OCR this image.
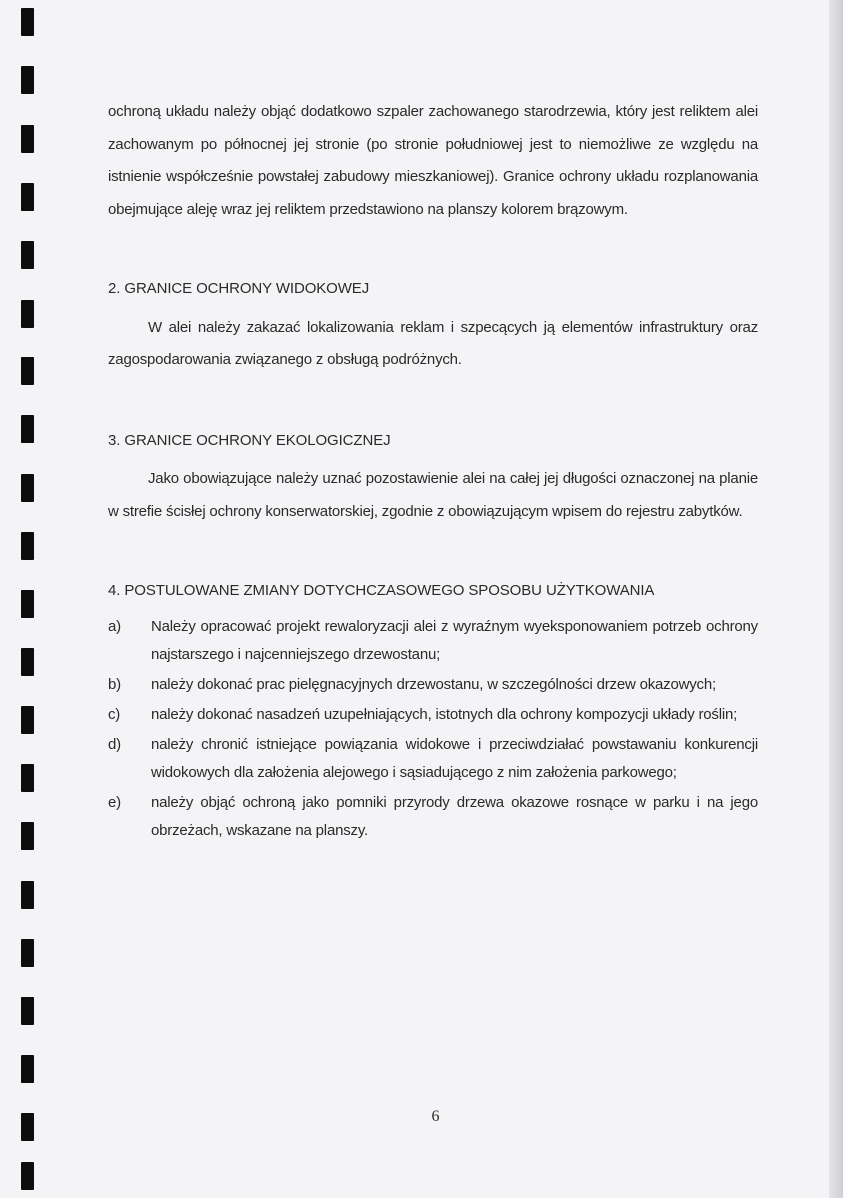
ochroną układu należy objąć dodatkowo szpaler zachowanego starodrzewia, który jest reliktem alei zachowanym po północnej jej stronie (po stronie południowej jest to niemożliwe ze względu na istnienie współcześnie powstałej zabudowy mieszkaniowej). Granice ochrony układu rozplanowania obejmujące aleję wraz jej reliktem przedstawiono na planszy kolorem brązowym.

2. GRANICE OCHRONY WIDOKOWEJ

W alei należy zakazać lokalizowania reklam i szpecących ją elementów infrastruktury oraz zagospodarowania związanego z obsługą podróżnych.

3. GRANICE OCHRONY EKOLOGICZNEJ

Jako obowiązujące należy uznać pozostawienie alei na całej jej długości oznaczonej na planie w strefie ścisłej ochrony konserwatorskiej, zgodnie z obowiązującym wpisem do rejestru zabytków.

4. POSTULOWANE ZMIANY DOTYCHCZASOWEGO SPOSOBU UŻYTKOWANIA

a) Należy opracować projekt rewaloryzacji alei z wyraźnym wyeksponowaniem potrzeb ochrony najstarszego i najcenniejszego drzewostanu;
b) należy dokonać prac pielęgnacyjnych drzewostanu, w szczególności drzew okazowych;
c) należy dokonać nasadzeń uzupełniających, istotnych dla ochrony kompozycji układy roślin;
d) należy chronić istniejące powiązania widokowe i przeciwdziałać powstawaniu konkurencji widokowych dla założenia alejowego i sąsiadującego z nim założenia parkowego;
e) należy objąć ochroną jako pomniki przyrody drzewa okazowe rosnące w parku i na jego obrzeżach, wskazane na planszy.
6
